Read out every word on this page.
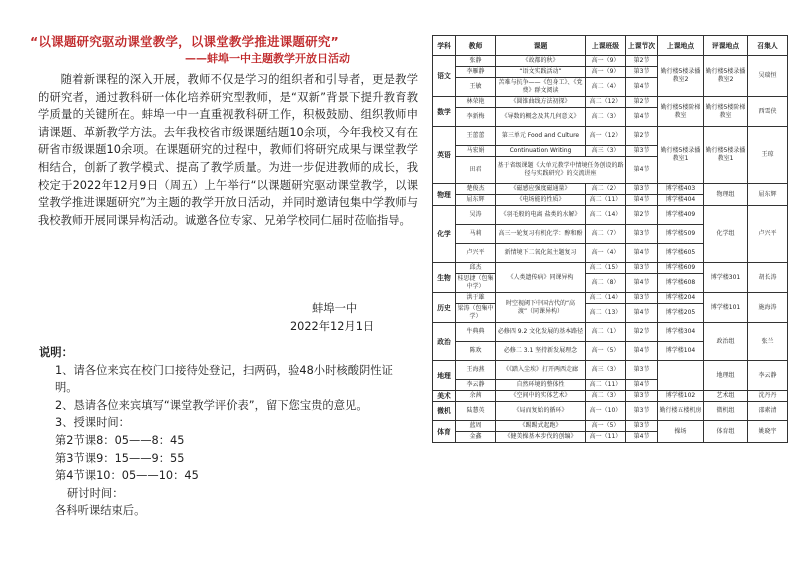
“以课题研究驱动课堂教学，以课堂教学推进课题研究”
——蚌埠一中主题教学开放日活动

随着新课程的深入开展，教师不仅是学习的组织者和引导者，更是教学的研究者，通过教科研一体化培养研究型教师，是“双新”背景下提升教育教学质量的关键所在。蚌埠一中一直重视教科研工作，积极鼓励、组织教师申请课题、革新教学方法。去年我校省市级课题结题10余项，今年我校又有在研省市级课题10余项。在课题研究的过程中，教师们将研究成果与课堂教学相结合，创新了教学模式、提高了教学质量。为进一步促进教师的成长，我校定于2022年12月9日（周五）上午举行“以课题研究驱动课堂教学，以课堂教学推进课题研究”为主题的教学开放日活动，并同时邀请包集中学教师与我校教师开展同课异构活动。诚邀各位专家、兄弟学校同仁届时莅临指导。

蚌埠一中
2022年12月1日

说明：

1、请各位来宾在校门口接待处登记，扫两码，验48小时核酸阴性证明。

2、恳请各位来宾填写“课堂教学评价表”，留下您宝贵的意见。

3、授课时间：

第2节课8：05——8：45

第3节课9：15——9：55

第4节课10：05——10：45

研讨时间：

各科听课结束后。

学科	教师	课题	上课班级	上课节次	上课地点	评课地点	召集人
语文	张静	《故都的秋》	高一（9）	第2节	勤行楼5楼录播教室2	勤行楼5楼录播教室2	吴瑞恒
	李雁静	“语文实践活动”	高一（9）	第3节			
	王敏	苦难与抗争——《包身工》、《党费》群文阅读	高二（4）	第4节			
数学	林荣艳	《圆锥曲线方法初探》	高二（12）	第2节	勤行楼5楼阶梯教室	勤行楼5楼阶梯教室	西雪侠
	李新梅	《导数的概念及其几何意义》	高二（3）	第4节			
英语	王蕾蕾	第三单元 Food and Culture	高一（12）	第2节	勤行楼5楼录播教室1	勤行楼5楼录播教室1	王琼
	马宏娟	Continuation Writing	高三（3）	第3节			
	田君	基于省级课题《大单元教学中情境任务创设的路径与实践研究》的交流讲座		第4节			
物理	楚俊杰	《磁感应强度磁通量》	高二（2）	第3节	博学楼403	物理组	屈东辉
	屈东辉	《电场能的性质》	高二（11）	第4节	博学楼404		
化学	吴涛	《羽毛般的电离 盐类的水解》	高二（14）	第2节	博学楼409	化学组	卢兴平
	马莉	高三一轮复习有机化学：醇和酚	高二（7）	第3节	博学楼509		
	卢兴平	新情境下二氧化氮主题复习	高一（4）	第4节	博学楼605		
生物	邱杰	《人类遗传病》同课异构	高二（15）	第3节	博学楼609	博学楼301	胡长涛
	桂思捷（包集中学）		高二（8）	第4节	博学楼608		
历史	洪于雄	时空视阈下中国古代的“高渡”（同课异构）	高二（14）	第3节	博学楼204	博学楼101	施海涛
	梁涛（包集中学）		高二（13）	第4节	博学楼205		
政治	牛典典	必修四 9.2 文化发展的基本路径	高二（1）	第2节	博学楼304	政治组	张兰
	陈欢	必修二 3.1 坚持新发展理念	高一（5）	第4节	博学楼104		
地理	王海燕	《《踏入尘埃》打开两西走廊	高三（3）	第3节		地理组	李云静
	李云静	自然环境的整体性	高二（11）	第4节			
美术	余茜	《空间中的实体艺术》	高二（3）	第3节	博学楼102	艺术组	沈丹丹
微机	陆慧英	《局而复始的循环》	高一（10）	第3节	勤行楼五楼机房	微机组	邵素清
体育	蓝周	《踢踢式起跑》	高一（5）	第3节	操场	体育组	姚晓宇
	金鑫	《健美操基本步伐的创编》	高一（11）	第4节			
